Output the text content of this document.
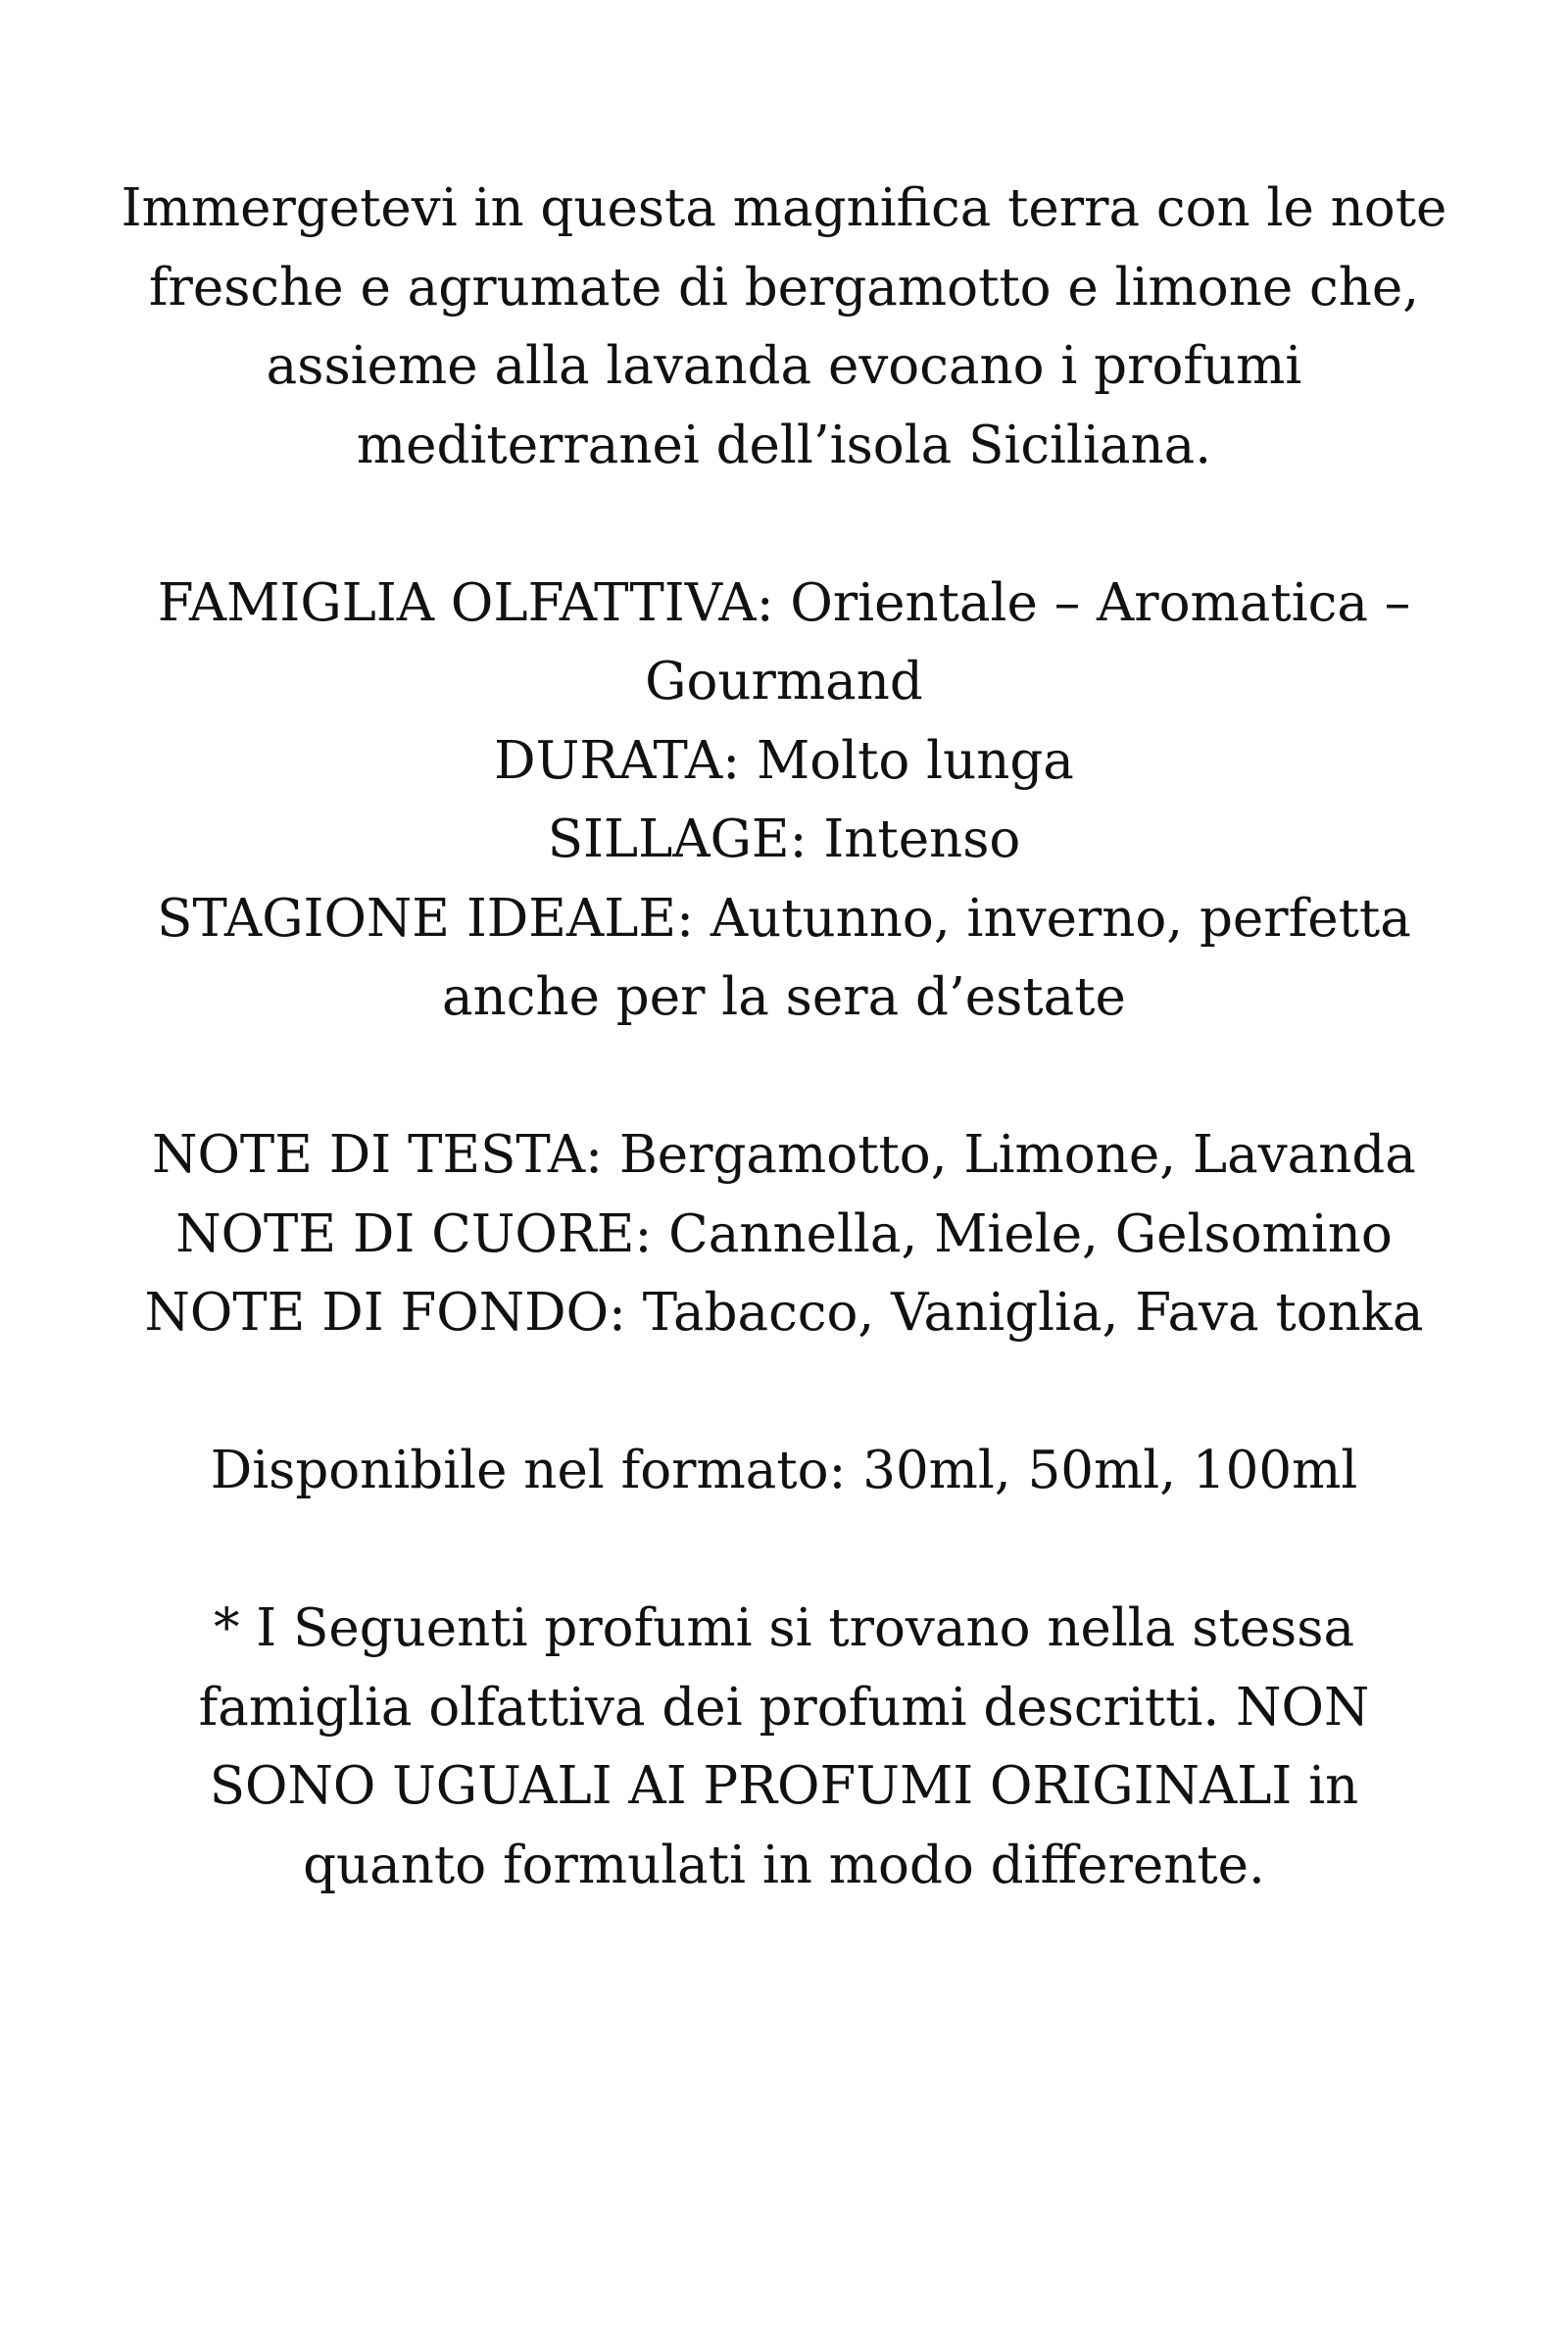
Immergetevi in questa magnifica terra con le note fresche e agrumate di bergamotto e limone che, assieme alla lavanda evocano i profumi mediterranei dell’isola Siciliana.

FAMIGLIA OLFATTIVA: Orientale – Aromatica – Gourmand
DURATA: Molto lunga
SILLAGE: Intenso
STAGIONE IDEALE: Autunno, inverno, perfetta anche per la sera d’estate
NOTE DI TESTA: Bergamotto, Limone, Lavanda
NOTE DI CUORE: Cannella, Miele, Gelsomino
NOTE DI FONDO: Tabacco, Vaniglia, Fava tonka

Disponibile nel formato: 30ml, 50ml, 100ml

* I Seguenti profumi si trovano nella stessa famiglia olfattiva dei profumi descritti. NON SONO UGUALI AI PROFUMI ORIGINALI in quanto formulati in modo differente.
